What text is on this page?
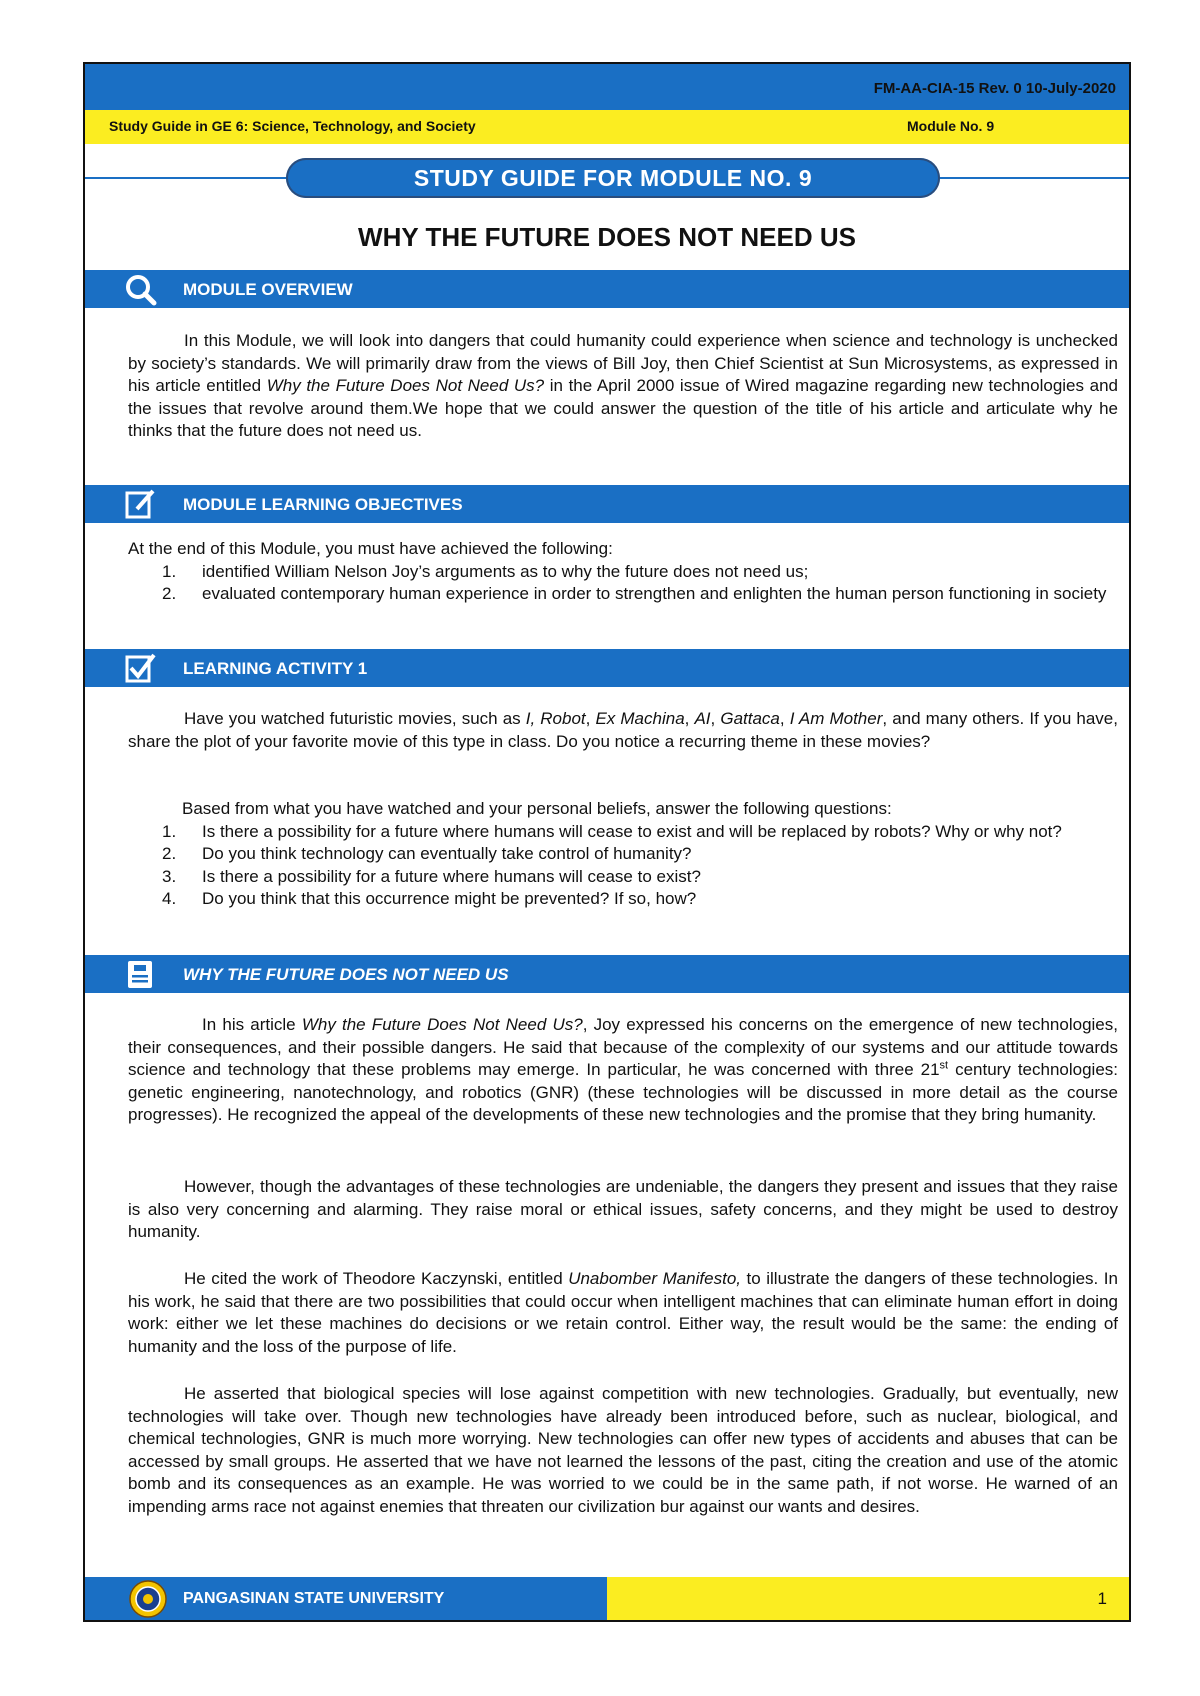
FM-AA-CIA-15 Rev. 0 10-July-2020
Study Guide in GE 6: Science, Technology, and Society	Module No. 9
STUDY GUIDE FOR MODULE NO. 9
WHY THE FUTURE DOES NOT NEED US
MODULE OVERVIEW
In this Module, we will look into dangers that could humanity could experience when science and technology is unchecked by society’s standards. We will primarily draw from the views of Bill Joy, then Chief Scientist at Sun Microsystems, as expressed in his article entitled Why the Future Does Not Need Us? in the April 2000 issue of Wired magazine regarding new technologies and the issues that revolve around them.We hope that we could answer the question of the title of his article and articulate why he thinks that the future does not need us.
MODULE LEARNING OBJECTIVES
At the end of this Module, you must have achieved the following:
1.	identified William Nelson Joy’s arguments as to why the future does not need us;
2.	evaluated contemporary human experience in order to strengthen and enlighten the human person functioning in society
LEARNING ACTIVITY 1
Have you watched futuristic movies, such as I, Robot, Ex Machina, AI, Gattaca, I Am Mother, and many others. If you have, share the plot of your favorite movie of this type in class. Do you notice a recurring theme in these movies?
Based from what you have watched and your personal beliefs, answer the following questions:
1.	Is there a possibility for a future where humans will cease to exist and will be replaced by robots? Why or why not?
2.	Do you think technology can eventually take control of humanity?
3.	Is there a possibility for a future where humans will cease to exist?
4.	Do you think that this occurrence might be prevented? If so, how?
WHY THE FUTURE DOES NOT NEED US
In his article Why the Future Does Not Need Us?, Joy expressed his concerns on the emergence of new technologies, their consequences, and their possible dangers. He said that because of the complexity of our systems and our attitude towards science and technology that these problems may emerge. In particular, he was concerned with three 21st century technologies: genetic engineering, nanotechnology, and robotics (GNR) (these technologies will be discussed in more detail as the course progresses). He recognized the appeal of the developments of these new technologies and the promise that they bring humanity.
However, though the advantages of these technologies are undeniable, the dangers they present and issues that they raise is also very concerning and alarming. They raise moral or ethical issues, safety concerns, and they might be used to destroy humanity.
He cited the work of Theodore Kaczynski, entitled Unabomber Manifesto, to illustrate the dangers of these technologies. In his work, he said that there are two possibilities that could occur when intelligent machines that can eliminate human effort in doing work: either we let these machines do decisions or we retain control. Either way, the result would be the same: the ending of humanity and the loss of the purpose of life.
He asserted that biological species will lose against competition with new technologies. Gradually, but eventually, new technologies will take over. Though new technologies have already been introduced before, such as nuclear, biological, and chemical technologies, GNR is much more worrying. New technologies can offer new types of accidents and abuses that can be accessed by small groups. He asserted that we have not learned the lessons of the past, citing the creation and use of the atomic bomb and its consequences as an example. He was worried to we could be in the same path, if not worse. He warned of an impending arms race not against enemies that threaten our civilization bur against our wants and desires.
PANGASINAN STATE UNIVERSITY	1
